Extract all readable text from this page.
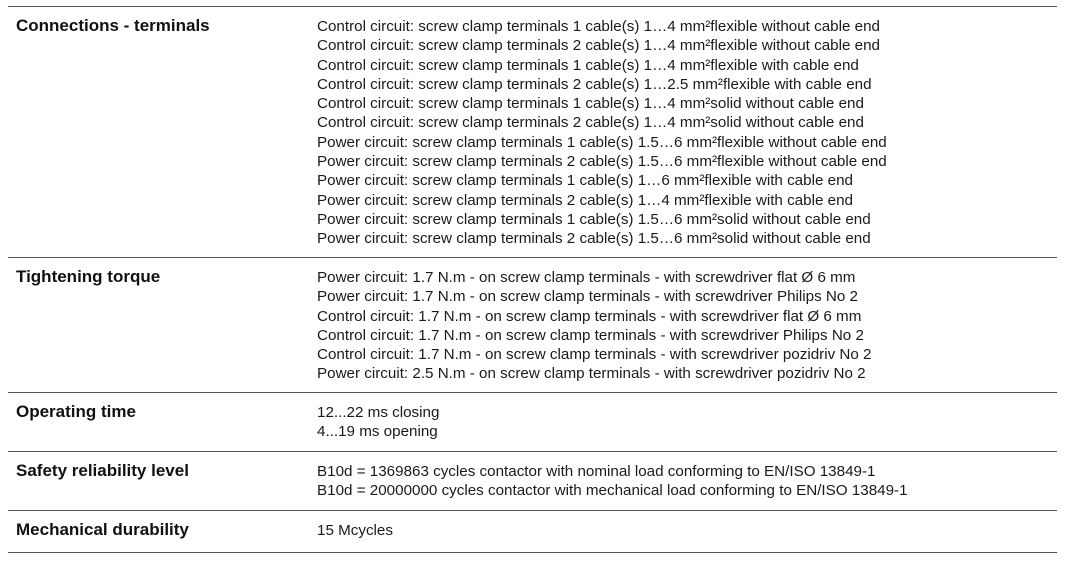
Connections - terminals	Control circuit: screw clamp terminals 1 cable(s) 1…4 mm²flexible without cable end
Control circuit: screw clamp terminals 2 cable(s) 1…4 mm²flexible without cable end
Control circuit: screw clamp terminals 1 cable(s) 1…4 mm²flexible with cable end
Control circuit: screw clamp terminals 2 cable(s) 1…2.5 mm²flexible with cable end
Control circuit: screw clamp terminals 1 cable(s) 1…4 mm²solid without cable end
Control circuit: screw clamp terminals 2 cable(s) 1…4 mm²solid without cable end
Power circuit: screw clamp terminals 1 cable(s) 1.5…6 mm²flexible without cable end
Power circuit: screw clamp terminals 2 cable(s) 1.5…6 mm²flexible without cable end
Power circuit: screw clamp terminals 1 cable(s) 1…6 mm²flexible with cable end
Power circuit: screw clamp terminals 2 cable(s) 1…4 mm²flexible with cable end
Power circuit: screw clamp terminals 1 cable(s) 1.5…6 mm²solid without cable end
Power circuit: screw clamp terminals 2 cable(s) 1.5…6 mm²solid without cable end
Tightening torque	Power circuit: 1.7 N.m - on screw clamp terminals - with screwdriver flat Ø 6 mm
Power circuit: 1.7 N.m - on screw clamp terminals - with screwdriver Philips No 2
Control circuit: 1.7 N.m - on screw clamp terminals - with screwdriver flat Ø 6 mm
Control circuit: 1.7 N.m - on screw clamp terminals - with screwdriver Philips No 2
Control circuit: 1.7 N.m - on screw clamp terminals - with screwdriver pozidriv No 2
Power circuit: 2.5 N.m - on screw clamp terminals - with screwdriver pozidriv No 2
Operating time	12...22 ms closing
4...19 ms opening
Safety reliability level	B10d = 1369863 cycles contactor with nominal load conforming to EN/ISO 13849-1
B10d = 20000000 cycles contactor with mechanical load conforming to EN/ISO 13849-1
Mechanical durability	15 Mcycles
